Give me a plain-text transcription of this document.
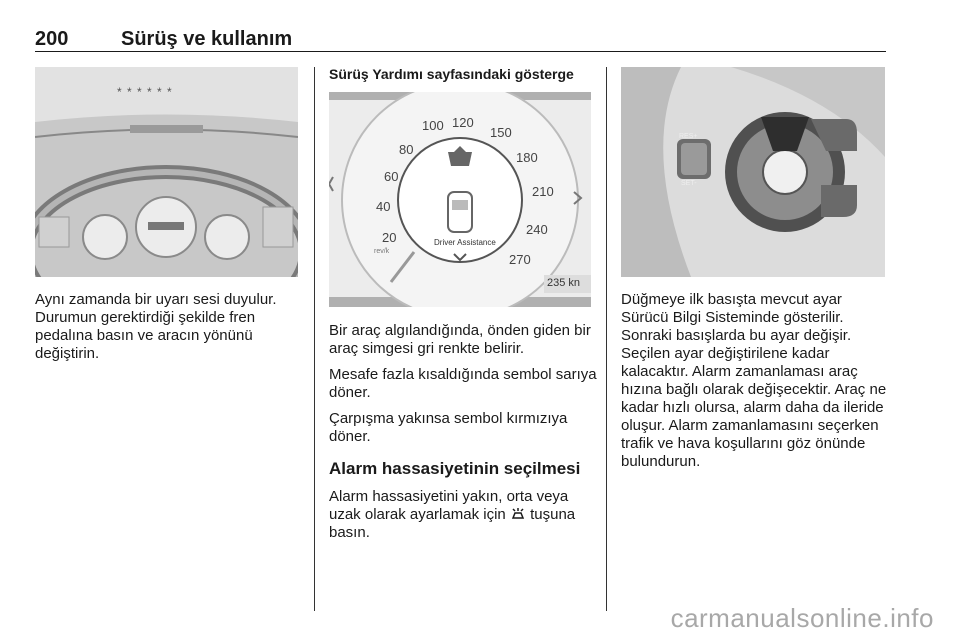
200	Sürüş ve kullanım
* * * * * *

Aynı zamanda bir uyarı sesi duyulur. Durumun gerektirdiği şekilde fren pedalına basın ve aracın yönünü değiştirin.

Sürüş Yardımı sayfasındaki gösterge
100
80
60
40
20
120
150
180
210
240
270
Driver Assistance
235 kn
rev/k

Bir araç algılandığında, önden giden bir araç simgesi gri renkte belirir.

Mesafe fazla kısaldığında sembol sarıya döner.

Çarpışma yakınsa sembol kırmızıya döner.

Alarm hassasiyetinin seçilmesi

Alarm hassasiyetini yakın, orta veya uzak olarak ayarlamak için tuşuna basın.

RES+
SET-

Düğmeye ilk basışta mevcut ayar Sürücü Bilgi Sisteminde gösterilir. Sonraki basışlarda bu ayar değişir. Seçilen ayar değiştirilene kadar kalacaktır. Alarm zamanlaması araç hızına bağlı olarak değişecektir. Araç ne kadar hızlı olursa, alarm daha da ileride oluşur. Alarm zamanlamasını seçerken trafik ve hava koşullarını göz önünde bulundurun.

carmanualsonline.info
